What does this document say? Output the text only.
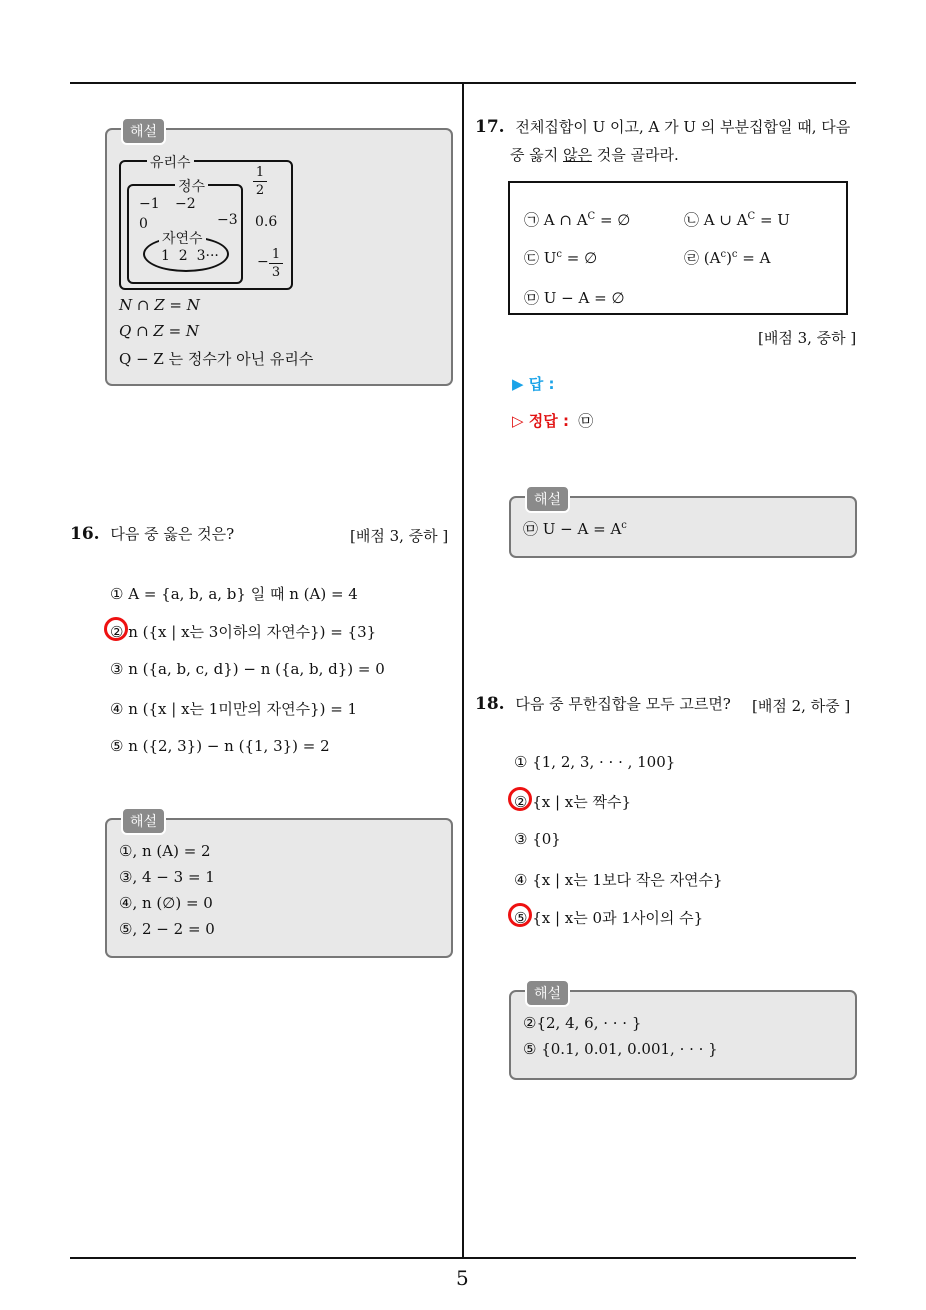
5
해설
유리수
정수
−1 −2
0	−3
자연수
1  2  3···
$\frac{1}{2}$
0.6
− $\frac{1}{3}$
N ∩ Z = N
Q ∩ Z = N
Q − Z 는 정수가 아닌 유리수
16. 다음 중 옳은 것은?	[배점 3, 중하 ]
① A = {a, b, a, b} 일 때 n (A) = 4
② n ({x | x는 3이하의 자연수}) = {3}
③ n ({a, b, c, d}) − n ({a, b, d}) = 0
④ n ({x | x는 1미만의 자연수}) = 1
⑤ n ({2, 3}) − n ({1, 3}) = 2
해설
①, n (A) = 2
③, 4 − 3 = 1
④, n (∅) = 0
⑤, 2 − 2 = 0
17. 전체집합이 U 이고, A 가 U 의 부분집합일 때, 다음
중 옳지 않은 것을 골라라.
㉠ A ∩ $A^C$ = ∅	㉡ A ∪ $A^C = U$
㉢ $U^c$ = ∅	㉣ $(A^c)^c = A$
㉤ U − A = ∅
[배점 3, 중하 ]
▶ 답 :
▷ 정답 : ㉤
해설
㉤ $U - A = A^c$
18. 다음 중 무한집합을 모두 고르면? [배점 2, 하중 ]
① {1, 2, 3, · · · , 100}
② {x | x는 짝수}
③ {0}
④ {x | x는 1보다 작은 자연수}
⑤ {x | x는 0과 1사이의 수}
해설
②{2, 4, 6, · · · }
⑤ {0.1, 0.01, 0.001, · · · }
